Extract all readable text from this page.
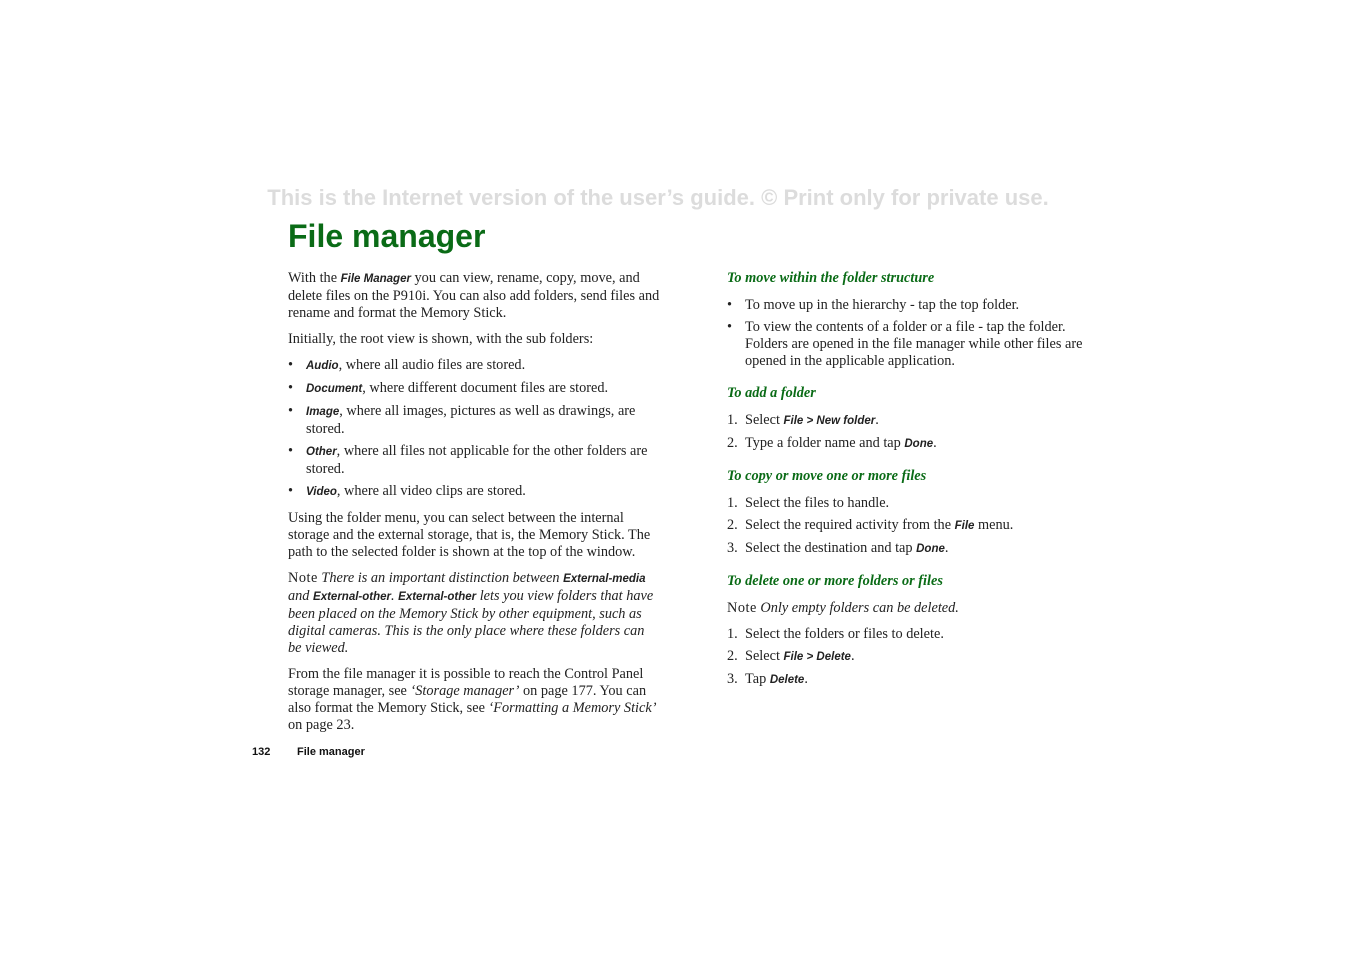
This is the Internet version of the user’s guide. © Print only for private use.
File manager

With the File Manager you can view, rename, copy, move, and delete files on the P910i. You can also add folders, send files and rename and format the Memory Stick.

Initially, the root view is shown, with the sub folders:

• Audio, where all audio files are stored.
• Document, where different document files are stored.
• Image, where all images, pictures as well as drawings, are stored.
• Other, where all files not applicable for the other folders are stored.
• Video, where all video clips are stored.

Using the folder menu, you can select between the internal storage and the external storage, that is, the Memory Stick. The path to the selected folder is shown at the top of the window.

Note There is an important distinction between External-media and External-other. External-other lets you view folders that have been placed on the Memory Stick by other equipment, such as digital cameras. This is the only place where these folders can be viewed.

From the file manager it is possible to reach the Control Panel storage manager, see ‘Storage manager’ on page 177. You can also format the Memory Stick, see ‘Formatting a Memory Stick’ on page 23.

To move within the folder structure

• To move up in the hierarchy - tap the top folder.
• To view the contents of a folder or a file - tap the folder. Folders are opened in the file manager while other files are opened in the applicable application.

To add a folder

1. Select File > New folder.
2. Type a folder name and tap Done.

To copy or move one or more files

1. Select the files to handle.
2. Select the required activity from the File menu.
3. Select the destination and tap Done.

To delete one or more folders or files

Note Only empty folders can be deleted.

1. Select the folders or files to delete.
2. Select File > Delete.
3. Tap Delete.
132 File manager
